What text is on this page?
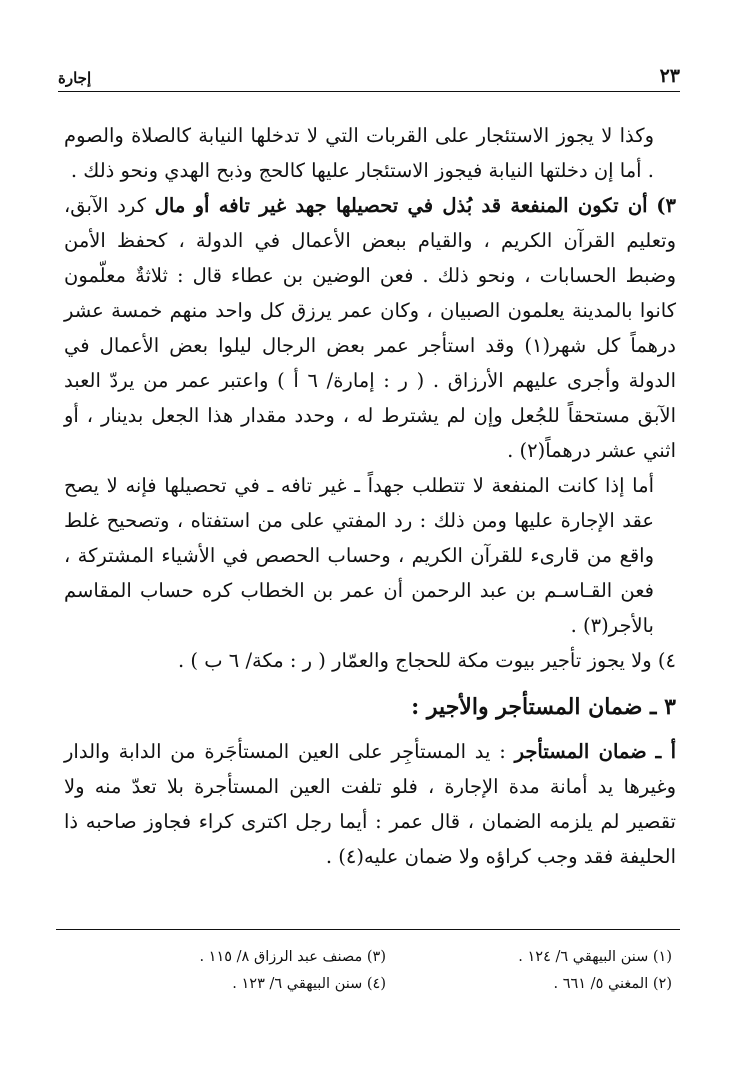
٢٣
إجارة

وكذا لا يجوز الاستئجار على القربات التي لا تدخلها النيابة كالصلاة والصوم . أما إن دخلتها النيابة فيجوز الاستئجار عليها كالحج وذبح الهدي ونحو ذلك .

٣) أن تكون المنفعة قد بُذل في تحصيلها جهد غير تافه أو مال كرد الآبق، وتعليم القرآن الكريم ، والقيام ببعض الأعمال في الدولة ، كحفظ الأمن وضبط الحسابات ، ونحو ذلك . فعن الوضين بن عطاء قال : ثلاثةٌ معلّمون كانوا بالمدينة يعلمون الصبيان ، وكان عمر يرزق كل واحد منهم خمسة عشر درهماً كل شهر(١) وقد استأجر عمر بعض الرجال ليلوا بعض الأعمال في الدولة وأجرى عليهم الأرزاق . ( ر : إمارة/ ٦ أ ) واعتبر عمر من يردّ العبد الآبق مستحقاً للجُعل وإن لم يشترط له ، وحدد مقدار هذا الجعل بدينار ، أو اثني عشر درهماً(٢) .

أما إذا كانت المنفعة لا تتطلب جهداً ـ غير تافه ـ في تحصيلها فإنه لا يصح عقد الإجارة عليها ومن ذلك : رد المفتي على من استفتاه ، وتصحيح غلط واقع من قارىء للقرآن الكريم ، وحساب الحصص في الأشياء المشتركة ، فعن القـاسـم بن عبد الرحمن أن عمر بن الخطاب كره حساب المقاسم بالأجر(٣) .

٤) ولا يجوز تأجير بيوت مكة للحجاج والعمّار ( ر : مكة/ ٦ ب ) .

٣ ـ ضمان المستأجر والأجير :

أ ـ ضمان المستأجر : يد المستأجِر على العين المستأجَرة من الدابة والدار وغيرها يد أمانة مدة الإجارة ، فلو تلفت العين المستأجرة بلا تعدّ منه ولا تقصير لم يلزمه الضمان ، قال عمر : أيما رجل اكترى كراء فجاوز صاحبه ذا الحليفة فقد وجب كراؤه ولا ضمان عليه(٤) .

(١) سنن البيهقي ٦/ ١٢٤ .
(٢) المغني ٥/ ٦٦١ .
(٣) مصنف عبد الرزاق ٨/ ١١٥ .
(٤) سنن البيهقي ٦/ ١٢٣ .
